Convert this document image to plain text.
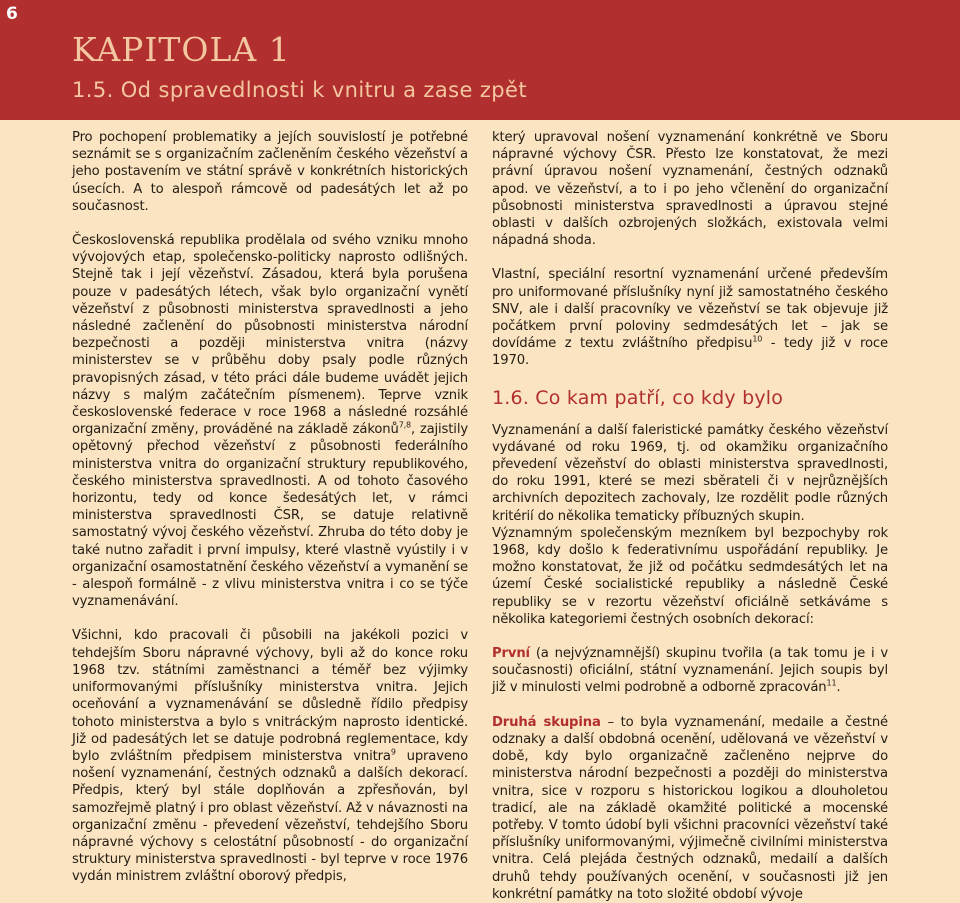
KAPITOLA 1
1.5. Od spravedlnosti k vnitru a zase zpět
6

Pro pochopení problematiky a jejích souvislostí je potřebné seznámit se s organizačním začleněním českého vězeňství a jeho postavením ve státní správě v konkrétních historických úsecích. A to alespoň rámcově od padesátých let až po současnost.

Československá republika prodělala od svého vzniku mnoho vývojových etap, společensko-politicky naprosto odlišných. Stejně tak i její vězeňství. Zásadou, která byla porušena pouze v padesátých létech, však bylo organizační vynětí vězeňství z působnosti ministerstva spravedlnosti a jeho následné začlenění do působnosti ministerstva národní bezpečnosti a později ministerstva vnitra (názvy ministerstev se v průběhu doby psaly podle různých pravopisných zásad, v této práci dále budeme uvádět jejich názvy s malým začátečním písmenem). Teprve vznik československé federace v roce 1968 a následné rozsáhlé organizační změny, prováděné na základě zákonů$^{7,8}$, zajistily opětovný přechod vězeňství z působnosti federálního ministerstva vnitra do organizační struktury republikového, českého ministerstva spravedlnosti. A od tohoto časového horizontu, tedy od konce šedesátých let, v rámci ministerstva spravedlnosti ČSR, se datuje relativně samostatný vývoj českého vězeňství. Zhruba do této doby je také nutno zařadit i první impulsy, které vlastně vyústily i v organizační osamostatnění českého vězeňství a vymanění se - alespoň formálně - z vlivu ministerstva vnitra i co se týče vyznamenávání.

Všichni, kdo pracovali či působili na jakékoli pozici v tehdejším Sboru nápravné výchovy, byli až do konce roku 1968 tzv. státními zaměstnanci a téměř bez výjimky uniformovanými příslušníky ministerstva vnitra. Jejich oceňování a vyznamenávání se důsledně řídilo předpisy tohoto ministerstva a bylo s vnitráckým naprosto identické. Již od padesátých let se datuje podrobná reglementace, kdy bylo zvláštním předpisem ministerstva vnitra$^9$ upraveno nošení vyznamenání, čestných odznaků a dalších dekorací. Předpis, který byl stále doplňován a zpřesňován, byl samozřejmě platný i pro oblast vězeňství. Až v návaznosti na organizační změnu - převedení vězeňství, tehdejšího Sboru nápravné výchovy s celostátní působností - do organizační struktury ministerstva spravedlnosti - byl teprve v roce 1976 vydán ministrem zvláštní oborový předpis,

který upravoval nošení vyznamenání konkrétně ve Sboru nápravné výchovy ČSR. Přesto lze konstatovat, že mezi právní úpravou nošení vyznamenání, čestných odznaků apod. ve vězeňství, a to i po jeho včlenění do organizační působnosti ministerstva spravedlnosti a úpravou stejné oblasti v dalších ozbrojených složkách, existovala velmi nápadná shoda.

Vlastní, speciální resortní vyznamenání určené především pro uniformované příslušníky nyní již samostatného českého SNV, ale i další pracovníky ve vězeňství se tak objevuje již počátkem první poloviny sedmdesátých let – jak se dovídáme z textu zvláštního předpisu$^{10}$ - tedy již v roce 1970.

1.6. Co kam patří, co kdy bylo

Vyznamenání a další faleristické památky českého vězeňství vydávané od roku 1969, tj. od okamžiku organizačního převedení vězeňství do oblasti ministerstva spravedlnosti, do roku 1991, které se mezi sběrateli či v nejrůznějších archivních depozitech zachovaly, lze rozdělit podle různých kritérií do několika tematicky příbuzných skupin.

Významným společenským mezníkem byl bezpochyby rok 1968, kdy došlo k federativnímu uspořádání republiky. Je možno konstatovat, že již od počátku sedmdesátých let na území České socialistické republiky a následně České republiky se v rezortu vězeňství oficiálně setkáváme s několika kategoriemi čestných osobních dekorací:

První (a nejvýznamnější) skupinu tvořila (a tak tomu je i v současnosti) oficiální, státní vyznamenání. Jejich soupis byl již v minulosti velmi podrobně a odborně zpracován$^{11}$.

Druhá skupina – to byla vyznamenání, medaile a čestné odznaky a další obdobná ocenění, udělovaná ve vězeňství v době, kdy bylo organizačně začleněno nejprve do ministerstva národní bezpečnosti a později do ministerstva vnitra, sice v rozporu s historickou logikou a dlouholetou tradicí, ale na základě okamžité politické a mocenské potřeby. V tomto údobí byli všichni pracovníci vězeňství také příslušníky uniformovanými, výjimečně civilními ministerstva vnitra. Celá plejáda čestných odznaků, medailí a dalších druhů tehdy používaných ocenění, v současnosti již jen konkrétní památky na toto složité období vývoje
